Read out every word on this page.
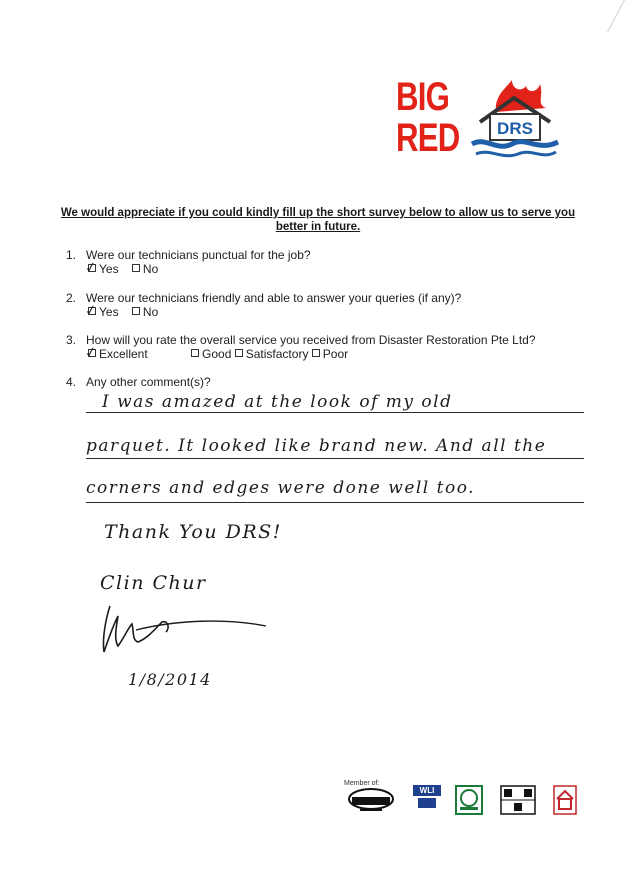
BIG
RED DRS
We would appreciate if you could kindly fill up the short survey below to allow us to serve you better in future.
1. Were our technicians punctual for the job?
✓ Yes No
2. Were our technicians friendly and able to answer your queries (if any)?
✓ Yes No
3. How will you rate the overall service you received from Disaster Restoration Pte Ltd?
✓ Excellent	Good Satisfactory Poor
4. Any other comment(s)?
I was amazed at the look of my old
parquet. It looked like brand new. And all the
corners and edges were done well too.
Thank You DRS!
Clin Chur
1/8/2014
Member of:
WLI
